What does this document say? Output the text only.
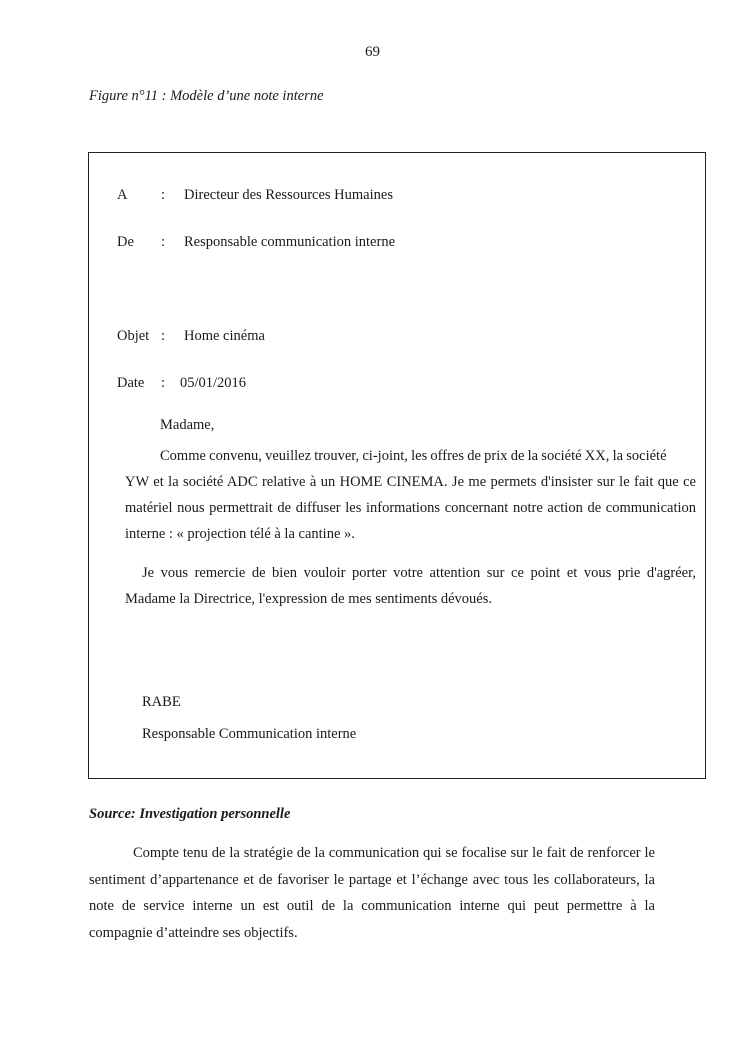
69
Figure n°11 : Modèle d’une note interne
A : Directeur des Ressources Humaines
De : Responsable communication interne
Objet : Home cinéma
Date : 05/01/2016
Madame,
Comme convenu, veuillez trouver, ci-joint, les offres de prix de la société XX, la société
YW et la société ADC relative à un HOME CINEMA. Je me permets d'insister sur le fait que ce matériel nous permettrait de diffuser les informations concernant notre action de communication interne : « projection télé à la cantine ».
Je vous remercie de bien vouloir porter votre attention sur ce point et vous prie d'agréer, Madame la Directrice, l'expression de mes sentiments dévoués.
RABE
Responsable Communication interne
Source: Investigation personnelle
Compte tenu de la stratégie de la communication qui se focalise sur le fait de renforcer le sentiment d’appartenance et de favoriser le partage et l’échange avec tous les collaborateurs, la note de service interne un est outil de la communication interne qui peut permettre à la compagnie d’atteindre ses objectifs.
